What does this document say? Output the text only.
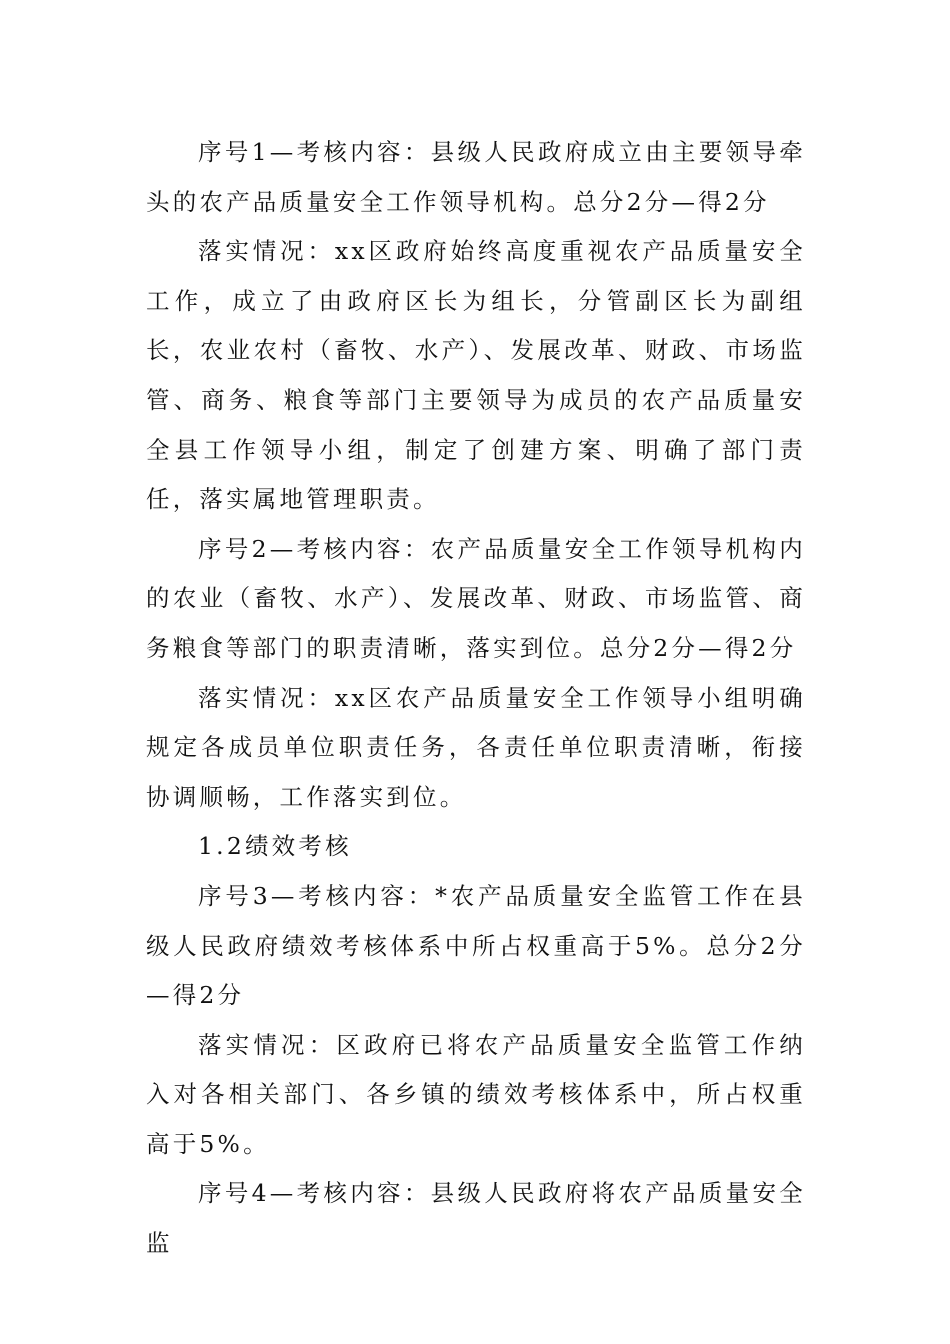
序号1—考核内容：县级人民政府成立由主要领导牵头的农产品质量安全工作领导机构。总分2分—得2分

落实情况：xx区政府始终高度重视农产品质量安全工作，成立了由政府区长为组长，分管副区长为副组长，农业农村（畜牧、水产）、发展改革、财政、市场监管、商务、粮食等部门主要领导为成员的农产品质量安全县工作领导小组，制定了创建方案、明确了部门责任，落实属地管理职责。

序号2—考核内容：农产品质量安全工作领导机构内的农业（畜牧、水产）、发展改革、财政、市场监管、商务粮食等部门的职责清晰，落实到位。总分2分—得2分

落实情况：xx区农产品质量安全工作领导小组明确规定各成员单位职责任务，各责任单位职责清晰，衔接协调顺畅，工作落实到位。

1.2绩效考核

序号3—考核内容：*农产品质量安全监管工作在县级人民政府绩效考核体系中所占权重高于5%。总分2分—得2分

落实情况：区政府已将农产品质量安全监管工作纳入对各相关部门、各乡镇的绩效考核体系中，所占权重高于5%。

序号4—考核内容：县级人民政府将农产品质量安全监
